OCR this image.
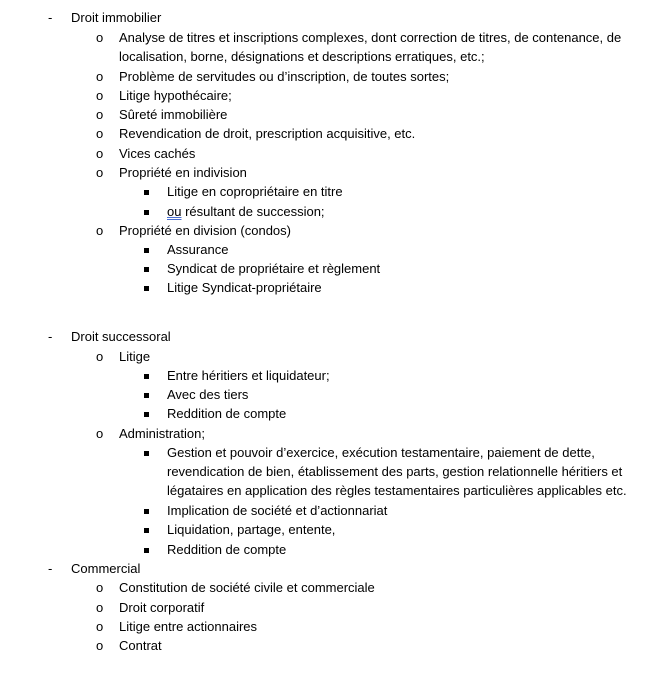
- Droit immobilier
o Analyse de titres et inscriptions complexes, dont correction de titres, de contenance, de localisation, borne, désignations et descriptions erratiques, etc.;
o Problème de servitudes ou d’inscription, de toutes sortes;
o Litige hypothécaire;
o Sûreté immobilière
o Revendication de droit, prescription acquisitive, etc.
o Vices cachés
o Propriété en indivision
Litige en copropriétaire en titre
ou résultant de succession;
o Propriété en division (condos)
Assurance
Syndicat de propriétaire et règlement
Litige Syndicat-propriétaire
- Droit successoral
o Litige
Entre héritiers et liquidateur;
Avec des tiers
Reddition de compte
o Administration;
Gestion et pouvoir d’exercice, exécution testamentaire, paiement de dette, revendication de bien, établissement des parts, gestion relationnelle héritiers et légataires en application des règles testamentaires particulières applicables etc.
Implication de société et d’actionnariat
Liquidation, partage, entente,
Reddition de compte
- Commercial
o Constitution de société civile et commerciale
o Droit corporatif
o Litige entre actionnaires
o Contrat
